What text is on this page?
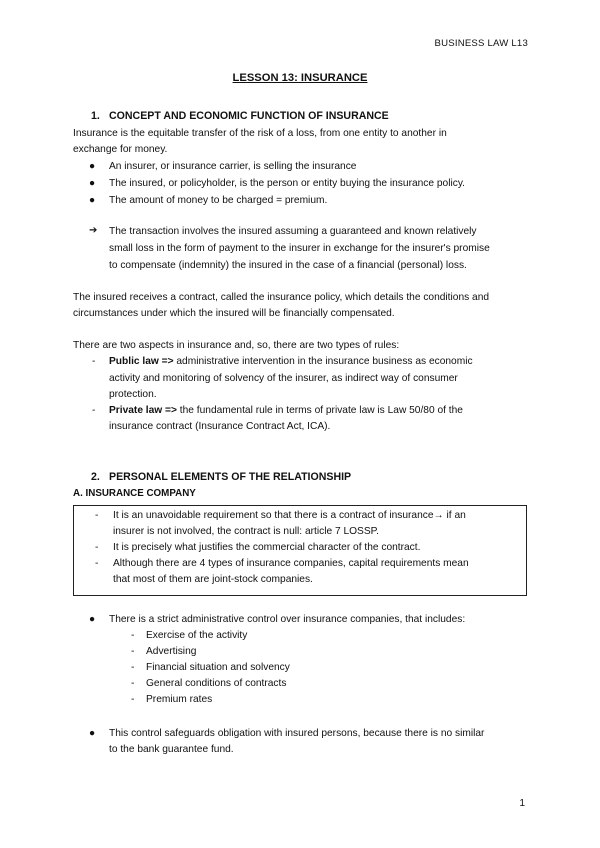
BUSINESS LAW L13
LESSON 13: INSURANCE
1. CONCEPT AND ECONOMIC FUNCTION OF INSURANCE
Insurance is the equitable transfer of the risk of a loss, from one entity to another in
exchange for money.
● An insurer, or insurance carrier, is selling the insurance
● The insured, or policyholder, is the person or entity buying the insurance policy.
● The amount of money to be charged = premium.
➔ The transaction involves the insured assuming a guaranteed and known relatively
small loss in the form of payment to the insurer in exchange for the insurer's promise
to compensate (indemnity) the insured in the case of a financial (personal) loss.
The insured receives a contract, called the insurance policy, which details the conditions and
circumstances under which the insured will be financially compensated.
There are two aspects in insurance and, so, there are two types of rules:
- Public law => administrative intervention in the insurance business as economic
activity and monitoring of solvency of the insurer, as indirect way of consumer
protection.
- Private law => the fundamental rule in terms of private law is Law 50/80 of the
insurance contract (Insurance Contract Act, ICA).
2. PERSONAL ELEMENTS OF THE RELATIONSHIP
A. INSURANCE COMPANY
- It is an unavoidable requirement so that there is a contract of insurance→ if an
insurer is not involved, the contract is null: article 7 LOSSP.
- It is precisely what justifies the commercial character of the contract.
- Although there are 4 types of insurance companies, capital requirements mean
that most of them are joint-stock companies.
● There is a strict administrative control over insurance companies, that includes:
- Exercise of the activity
- Advertising
- Financial situation and solvency
- General conditions of contracts
- Premium rates
● This control safeguards obligation with insured persons, because there is no similar
to the bank guarantee fund.
1
